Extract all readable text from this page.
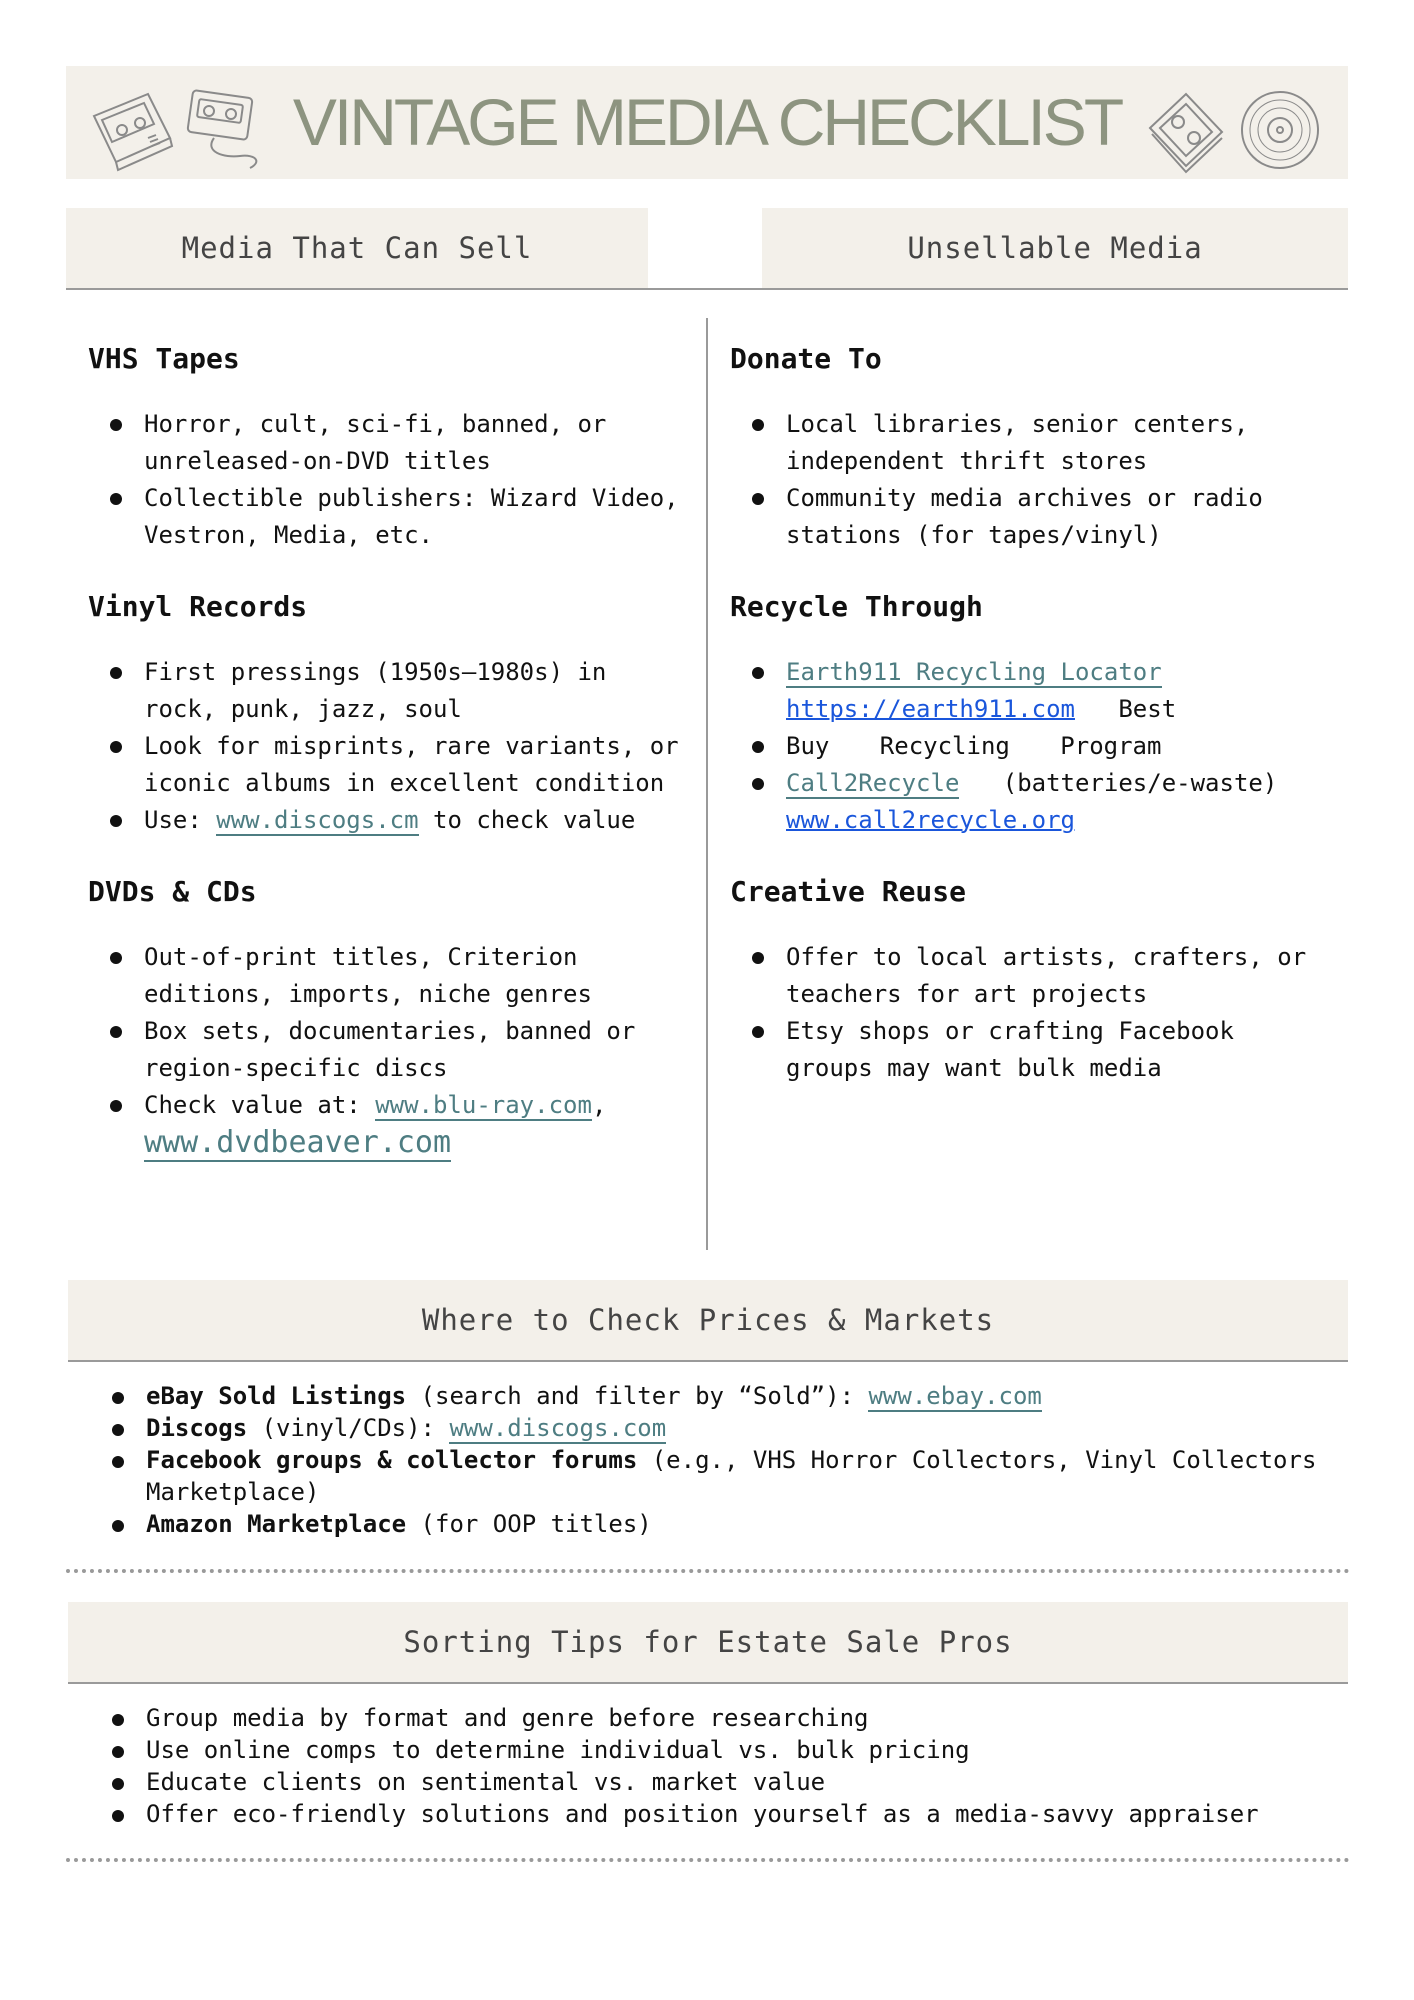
VINTAGE MEDIA CHECKLIST
Media That Can Sell	Unsellable Media
VHS Tapes
Horror, cult, sci-fi, banned, or unreleased-on-DVD titles
Collectible publishers: Wizard Video, Vestron, Media, etc.
Vinyl Records
First pressings (1950s–1980s) in rock, punk, jazz, soul
Look for misprints, rare variants, or iconic albums in excellent condition
Use: www.discogs.cm to check value
DVDs & CDs
Out-of-print titles, Criterion editions, imports, niche genres
Box sets, documentaries, banned or region-specific discs
Check value at: www.blu-ray.com,
www.dvdbeaver.com
Donate To
Local libraries, senior centers, independent thrift stores
Community media archives or radio stations (for tapes/vinyl)
Recycle Through
Earth911 Recycling Locator
https://earth911.com Best
Buy Recycling Program
Call2Recycle (batteries/e-waste)
www.call2recycle.org
Creative Reuse
Offer to local artists, crafters, or teachers for art projects
Etsy shops or crafting Facebook groups may want bulk media
Where to Check Prices & Markets
eBay Sold Listings (search and filter by “Sold”): www.ebay.com
Discogs (vinyl/CDs): www.discogs.com
Facebook groups & collector forums (e.g., VHS Horror Collectors, Vinyl Collectors Marketplace)
Amazon Marketplace (for OOP titles)
Sorting Tips for Estate Sale Pros
Group media by format and genre before researching
Use online comps to determine individual vs. bulk pricing
Educate clients on sentimental vs. market value
Offer eco-friendly solutions and position yourself as a media-savvy appraiser
